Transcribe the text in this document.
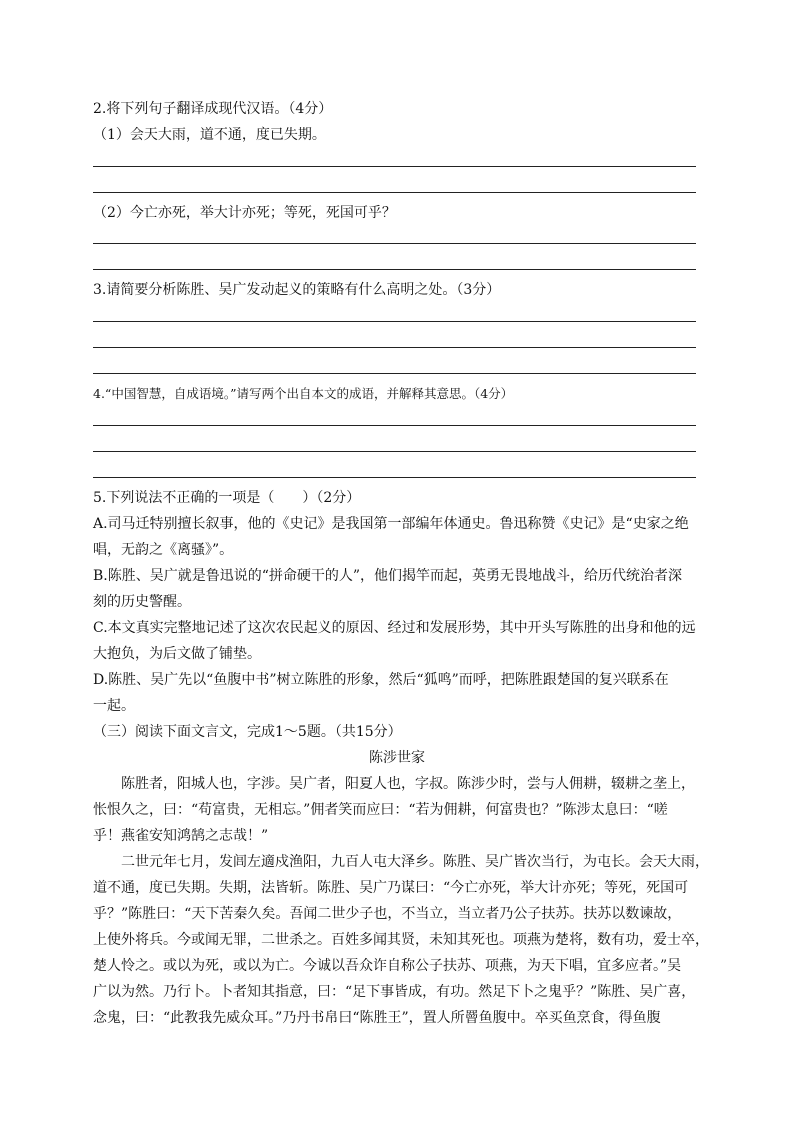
2.将下列句子翻译成现代汉语。（4分）
（1）会天大雨，道不通，度已失期。
（2）今亡亦死，举大计亦死；等死，死国可乎？
3.请简要分析陈胜、吴广发动起义的策略有什么高明之处。（3分）
4.“中国智慧，自成语境。”请写两个出自本文的成语，并解释其意思。（4分）
5.下列说法不正确的一项是（　　）（2分）
A.司马迁特别擅长叙事，他的《史记》是我国第一部编年体通史。鲁迅称赞《史记》是“史家之绝
唱，无韵之《离骚》”。
B.陈胜、吴广就是鲁迅说的“拼命硬干的人”，他们揭竿而起，英勇无畏地战斗，给历代统治者深
刻的历史警醒。
C.本文真实完整地记述了这次农民起义的原因、经过和发展形势，其中开头写陈胜的出身和他的远
大抱负，为后文做了铺垫。
D.陈胜、吴广先以“鱼腹中书”树立陈胜的形象，然后“狐鸣”而呼，把陈胜跟楚国的复兴联系在
一起。
（三）阅读下面文言文，完成1～5题。（共15分）
陈涉世家
陈胜者，阳城人也，字涉。吴广者，阳夏人也，字叔。陈涉少时，尝与人佣耕，辍耕之垄上，
怅恨久之，曰：“苟富贵，无相忘。”佣者笑而应曰：“若为佣耕，何富贵也？”陈涉太息曰：“嗟
乎！燕雀安知鸿鹄之志哉！”
二世元年七月，发闾左適戍渔阳，九百人屯大泽乡。陈胜、吴广皆次当行，为屯长。会天大雨，
道不通，度已失期。失期，法皆斩。陈胜、吴广乃谋曰：“今亡亦死，举大计亦死；等死，死国可
乎？”陈胜曰：“天下苦秦久矣。吾闻二世少子也，不当立，当立者乃公子扶苏。扶苏以数谏故，
上使外将兵。今或闻无罪，二世杀之。百姓多闻其贤，未知其死也。项燕为楚将，数有功，爱士卒，
楚人怜之。或以为死，或以为亡。今诚以吾众诈自称公子扶苏、项燕，为天下唱，宜多应者。”吴
广以为然。乃行卜。卜者知其指意，曰：“足下事皆成，有功。然足下卜之鬼乎？”陈胜、吴广喜，
念鬼，曰：“此教我先威众耳。”乃丹书帛曰“陈胜王”，置人所罾鱼腹中。卒买鱼烹食，得鱼腹
